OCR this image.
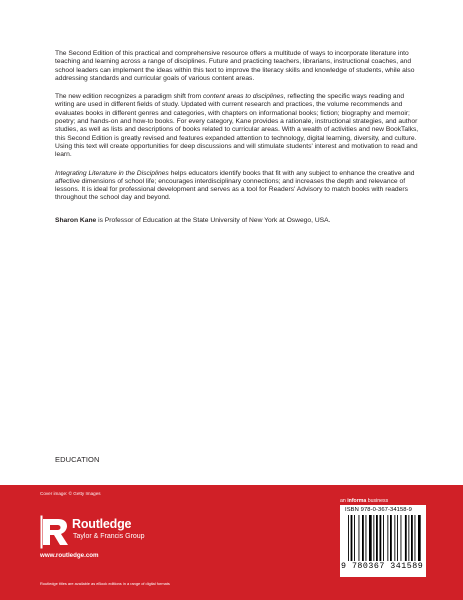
The Second Edition of this practical and comprehensive resource offers a multitude of ways to incorporate literature into teaching and learning across a range of disciplines. Future and practicing teachers, librarians, instructional coaches, and school leaders can implement the ideas within this text to improve the literacy skills and knowledge of students, while also addressing standards and curricular goals of various content areas.

The new edition recognizes a paradigm shift from content areas to disciplines, reflecting the specific ways reading and writing are used in different fields of study. Updated with current research and practices, the volume recommends and evaluates books in different genres and categories, with chapters on informational books; fiction; biography and memoir; poetry; and hands-on and how-to books. For every category, Kane provides a rationale, instructional strategies, and author studies, as well as lists and descriptions of books related to curricular areas. With a wealth of activities and new BookTalks, this Second Edition is greatly revised and features expanded attention to technology, digital learning, diversity, and culture. Using this text will create opportunities for deep discussions and will stimulate students' interest and motivation to read and learn.

Integrating Literature in the Disciplines helps educators identify books that fit with any subject to enhance the creative and affective dimensions of school life; encourages interdisciplinary connections; and increases the depth and relevance of lessons. It is ideal for professional development and serves as a tool for Readers' Advisory to match books with readers throughout the school day and beyond.

Sharon Kane is Professor of Education at the State University of New York at Oswego, USA.

EDUCATION
Cover image: © Getty Images
Routledge
Taylor & Francis Group
www.routledge.com
an informa business
ISBN 978-0-367-34158-9
9 780367 341589
Routledge titles are available as eBook editions in a range of digital formats
